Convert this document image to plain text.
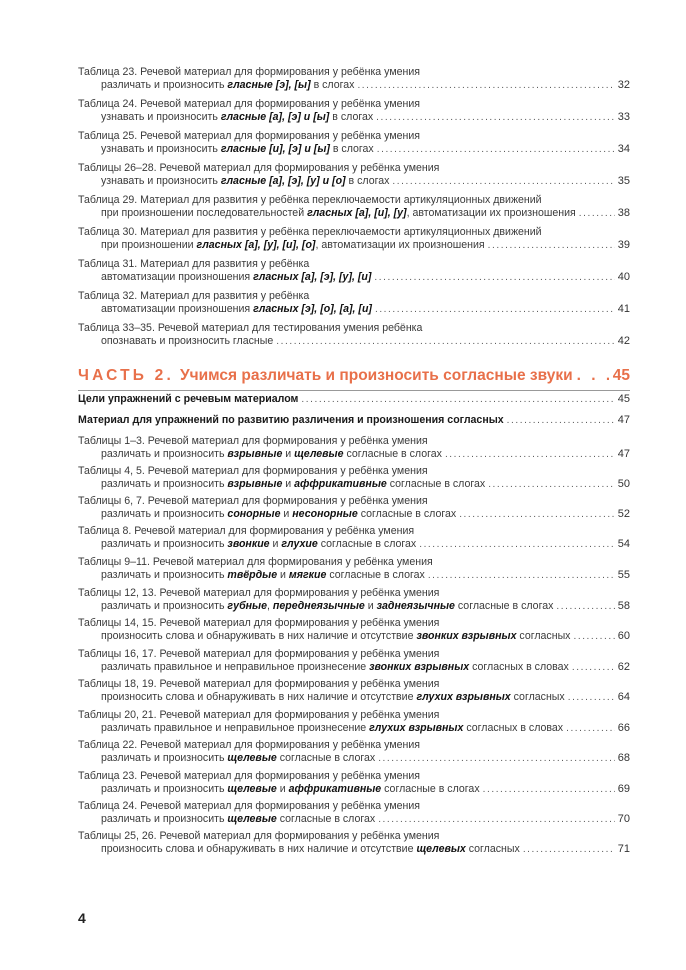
Таблица 23. Речевой материал для формирования у ребёнка умения
различать и произносить гласные [э], [ы] в слогах . . .	32
Таблица 24. Речевой материал для формирования у ребёнка умения
узнавать и произносить гласные [а], [э] и [ы] в слогах . . .	33
Таблица 25. Речевой материал для формирования у ребёнка умения
узнавать и произносить гласные [и], [э] и [ы] в слогах . . .	34
Таблицы 26–28. Речевой материал для формирования у ребёнка умения
узнавать и произносить гласные [а], [э], [у] и [о] в слогах . . .	35
Таблица 29. Материал для развития у ребёнка переключаемости артикуляционных движений
при произношении последовательностей гласных [а], [и], [у], автоматизации их произношения . . .	38
Таблица 30. Материал для развития у ребёнка переключаемости артикуляционных движений
при произношении гласных [а], [у], [и], [о], автоматизации их произношения . . .	39
Таблица 31. Материал для развития у ребёнка
автоматизации произношения гласных [а], [э], [у], [и] . . .	40
Таблица 32. Материал для развития у ребёнка
автоматизации произношения гласных [э], [о], [а], [и] . . .	41
Таблица 33–35. Речевой материал для тестирования умения ребёнка
опознавать и произносить гласные . . .	42
ЧАСТЬ 2. Учимся различать и произносить согласные звуки . . .	45
Цели упражнений с речевым материалом . . .	45
Материал для упражнений по развитию различения и произношения согласных . . .	47
Таблицы 1–3. Речевой материал для формирования у ребёнка умения
различать и произносить взрывные и щелевые согласные в слогах . . .	47
Таблицы 4, 5. Речевой материал для формирования у ребёнка умения
различать и произносить взрывные и аффрикативные согласные в слогах . . .	50
Таблицы 6, 7. Речевой материал для формирования у ребёнка умения
различать и произносить сонорные и несонорные согласные в слогах . . .	52
Таблица 8. Речевой материал для формирования у ребёнка умения
различать и произносить звонкие и глухие согласные в слогах . . .	54
Таблицы 9–11. Речевой материал для формирования у ребёнка умения
различать и произносить твёрдые и мягкие согласные в слогах . . .	55
Таблицы 12, 13. Речевой материал для формирования у ребёнка умения
различать и произносить губные, переднеязычные и заднеязычные согласные в слогах . . .	58
Таблицы 14, 15. Речевой материал для формирования у ребёнка умения
произносить слова и обнаруживать в них наличие и отсутствие звонких взрывных согласных . . .	60
Таблицы 16, 17. Речевой материал для формирования у ребёнка умения
различать правильное и неправильное произнесение звонких взрывных согласных в словах . . .	62
Таблицы 18, 19. Речевой материал для формирования у ребёнка умения
произносить слова и обнаруживать в них наличие и отсутствие глухих взрывных согласных . . .	64
Таблицы 20, 21. Речевой материал для формирования у ребёнка умения
различать правильное и неправильное произнесение глухих взрывных согласных в словах . . .	66
Таблица 22. Речевой материал для формирования у ребёнка умения
различать и произносить щелевые согласные в слогах . . .	68
Таблица 23. Речевой материал для формирования у ребёнка умения
различать и произносить щелевые и аффрикативные согласные в слогах . . .	69
Таблица 24. Речевой материал для формирования у ребёнка умения
различать и произносить щелевые согласные в слогах . . .	70
Таблицы 25, 26. Речевой материал для формирования у ребёнка умения
произносить слова и обнаруживать в них наличие и отсутствие щелевых согласных . . .	71
4
